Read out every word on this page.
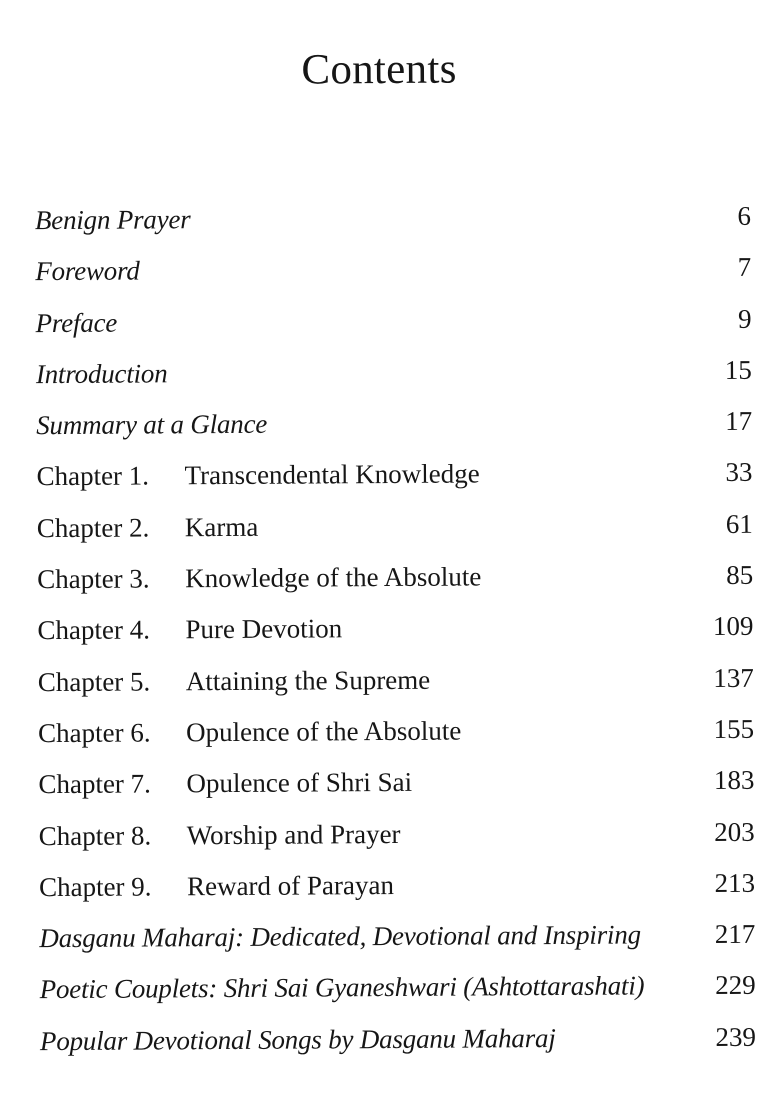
Contents
Benign Prayer	6
Foreword	7
Preface	9
Introduction	15
Summary at a Glance	17
Chapter 1.	Transcendental Knowledge	33
Chapter 2.	Karma	61
Chapter 3.	Knowledge of the Absolute	85
Chapter 4.	Pure Devotion	109
Chapter 5.	Attaining the Supreme	137
Chapter 6.	Opulence of the Absolute	155
Chapter 7.	Opulence of Shri Sai	183
Chapter 8.	Worship and Prayer	203
Chapter 9.	Reward of Parayan	213
Dasganu Maharaj: Dedicated, Devotional and Inspiring	217
Poetic Couplets: Shri Sai Gyaneshwari (Ashtottarashati)	229
Popular Devotional Songs by Dasganu Maharaj	239
